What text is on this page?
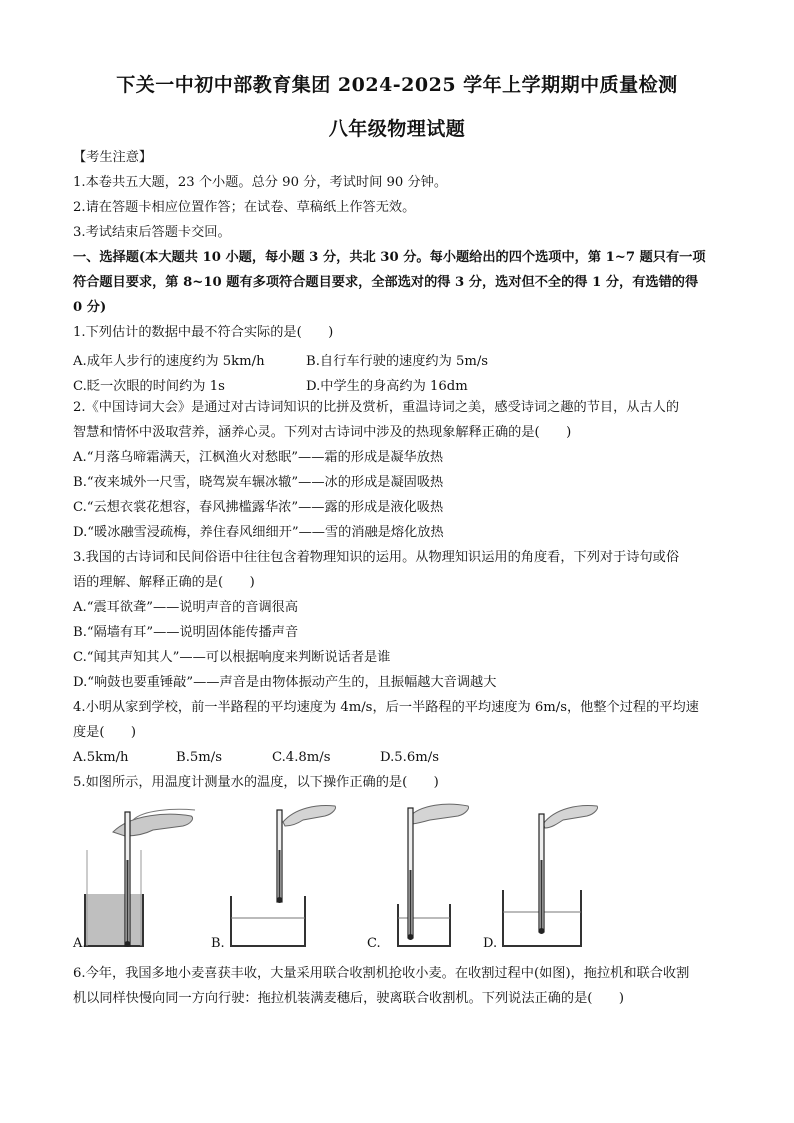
下关一中初中部教育集团 2024-2025 学年上学期期中质量检测
八年级物理试题
【考生注意】
1.本卷共五大题，23 个小题。总分 90 分，考试时间 90 分钟。
2.请在答题卡相应位置作答；在试卷、草稿纸上作答无效。
3.考试结束后答题卡交回。
一、选择题(本大题共 10 小题，每小题 3 分，共北 30 分。每小题给出的四个选项中，第 1~7 题只有一项
符合题目要求，第 8~10 题有多项符合题目要求，全部选对的得 3 分，选对但不全的得 1 分，有选错的得
0 分)
1.下列估计的数据中最不符合实际的是(　　)
A.成年人步行的速度约为 5km/h	B.自行车行驶的速度约为 5m/s
C.眨一次眼的时间约为 1s	D.中学生的身高约为 16dm
2.《中国诗词大会》是通过对古诗词知识的比拼及赏析，重温诗词之美，感受诗词之趣的节目，从古人的
智慧和情怀中汲取营养，涵养心灵。下列对古诗词中涉及的热现象解释正确的是(　　)
A.“月落乌啼霜满天，江枫渔火对愁眠”——霜的形成是凝华放热
B.“夜来城外一尺雪，晓驾炭车辗冰辙”——冰的形成是凝固吸热
C.“云想衣裳花想容，春风拂槛露华浓”——露的形成是液化吸热
D.“暖冰融雪浸疏梅，养住春风细细开”——雪的消融是熔化放热
3.我国的古诗词和民间俗语中往往包含着物理知识的运用。从物理知识运用的角度看，下列对于诗句或俗
语的理解、解释正确的是(　　)
A.“震耳欲聋”——说明声音的音调很高
B.“隔墙有耳”——说明固体能传播声音
C.“闻其声知其人”——可以根据响度来判断说话者是谁
D.“响鼓也要重锤敲”——声音是由物体振动产生的，且振幅越大音调越大
4.小明从家到学校，前一半路程的平均速度为 4m/s，后一半路程的平均速度为 6m/s，他整个过程的平均速
度是(　　)
A.5km/h	B.5m/s	C.4.8m/s	D.5.6m/s
5.如图所示，用温度计测量水的温度，以下操作正确的是(　　)
A.	B.	C.	D.
6.今年，我国多地小麦喜获丰收，大量采用联合收割机抢收小麦。在收割过程中(如图)，拖拉机和联合收割
机以同样快慢向同一方向行驶：拖拉机装满麦穗后，驶离联合收割机。下列说法正确的是(　　)
